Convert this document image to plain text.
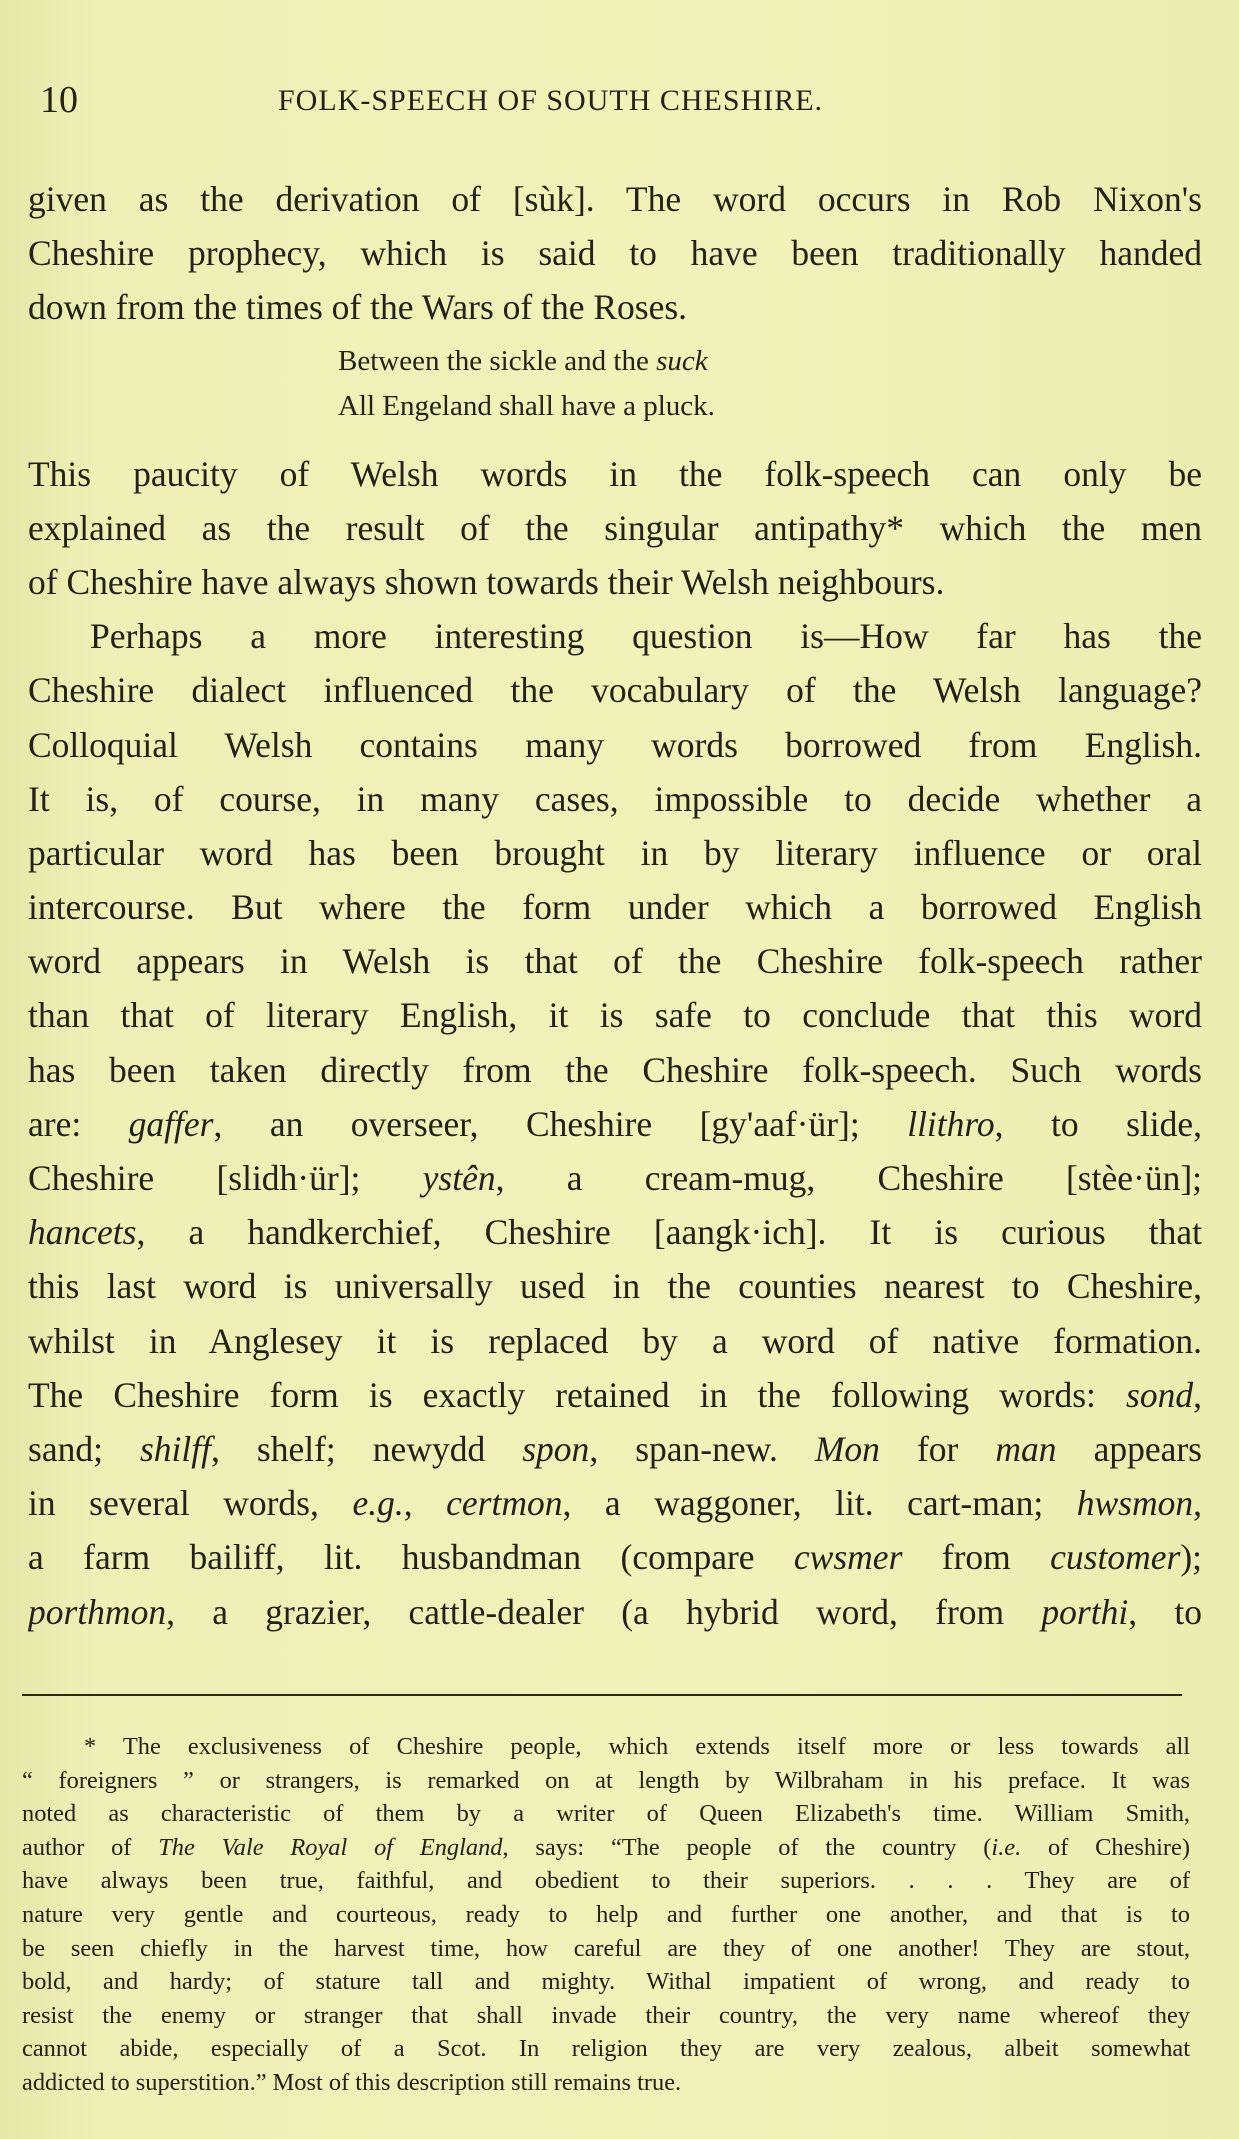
10	FOLK-SPEECH OF SOUTH CHESHIRE.
given as the derivation of [sùk]. The word occurs in Rob Nixon's
Cheshire prophecy, which is said to have been traditionally handed
down from the times of the Wars of the Roses.
Between the sickle and the suck
All Engeland shall have a pluck.
This paucity of Welsh words in the folk-speech can only be
explained as the result of the singular antipathy* which the men
of Cheshire have always shown towards their Welsh neighbours.
Perhaps a more interesting question is—How far has the
Cheshire dialect influenced the vocabulary of the Welsh language?
Colloquial Welsh contains many words borrowed from English.
It is, of course, in many cases, impossible to decide whether a
particular word has been brought in by literary influence or oral
intercourse. But where the form under which a borrowed English
word appears in Welsh is that of the Cheshire folk-speech rather
than that of literary English, it is safe to conclude that this word
has been taken directly from the Cheshire folk-speech. Such words
are: gaffer, an overseer, Cheshire [gy'aaf·ür]; llithro, to slide,
Cheshire [slidh·ür]; ystên, a cream-mug, Cheshire [stèe·ün];
hancets, a handkerchief, Cheshire [aangk·ich]. It is curious that
this last word is universally used in the counties nearest to Cheshire,
whilst in Anglesey it is replaced by a word of native formation.
The Cheshire form is exactly retained in the following words: sond,
sand; shilff, shelf; newydd spon, span-new. Mon for man appears
in several words, e.g., certmon, a waggoner, lit. cart-man; hwsmon,
a farm bailiff, lit. husbandman (compare cwsmer from customer);
porthmon, a grazier, cattle-dealer (a hybrid word, from porthi, to
* The exclusiveness of Cheshire people, which extends itself more or less towards all
“ foreigners ” or strangers, is remarked on at length by Wilbraham in his preface. It was
noted as characteristic of them by a writer of Queen Elizabeth's time. William Smith,
author of The Vale Royal of England, says: “The people of the country (i.e. of Cheshire)
have always been true, faithful, and obedient to their superiors. . . . They are of
nature very gentle and courteous, ready to help and further one another, and that is to
be seen chiefly in the harvest time, how careful are they of one another! They are stout,
bold, and hardy; of stature tall and mighty. Withal impatient of wrong, and ready to
resist the enemy or stranger that shall invade their country, the very name whereof they
cannot abide, especially of a Scot. In religion they are very zealous, albeit somewhat
addicted to superstition.” Most of this description still remains true.
